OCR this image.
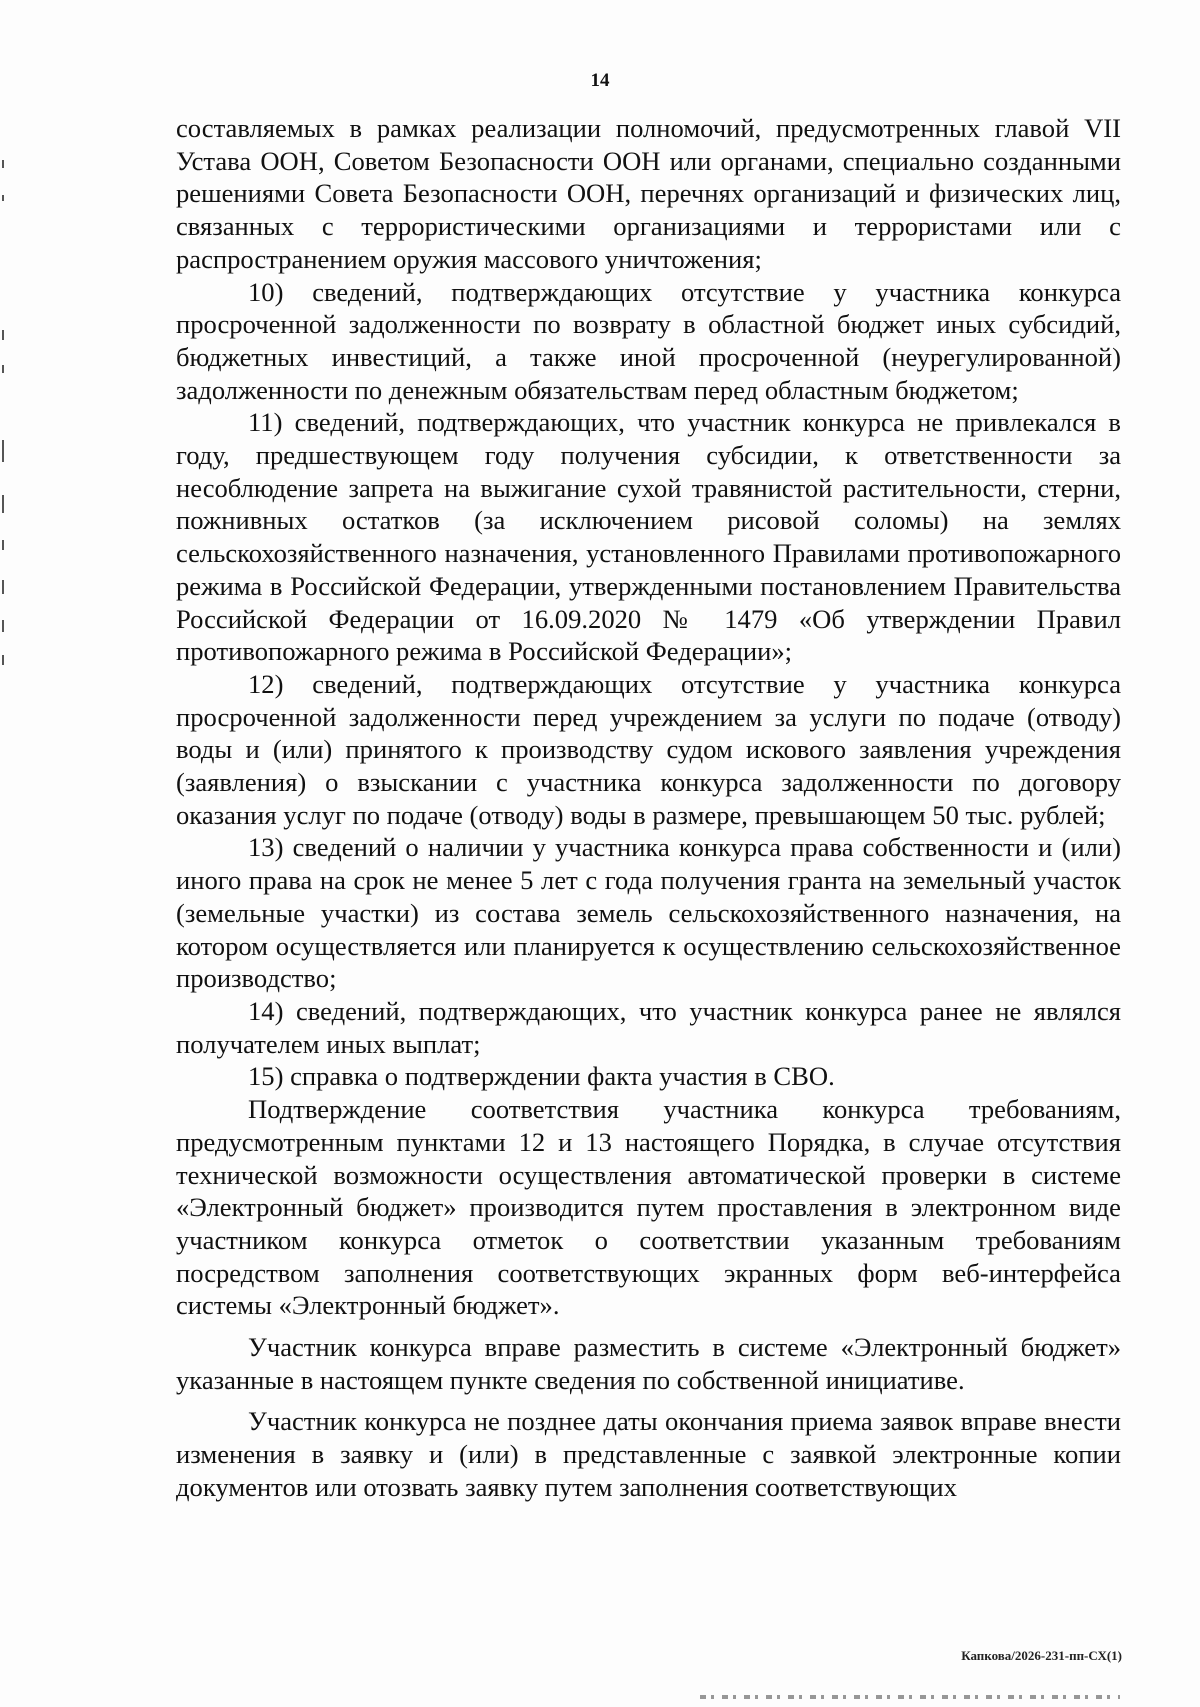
14

составляемых в рамках реализации полномочий, предусмотренных главой VII Устава ООН, Советом Безопасности ООН или органами, специально созданными решениями Совета Безопасности ООН, перечнях организаций и физических лиц, связанных с террористическими организациями и террористами или с распространением оружия массового уничтожения;

10) сведений, подтверждающих отсутствие у участника конкурса просроченной задолженности по возврату в областной бюджет иных субсидий, бюджетных инвестиций, а также иной просроченной (неурегулированной) задолженности по денежным обязательствам перед областным бюджетом;

11) сведений, подтверждающих, что участник конкурса не привлекался в году, предшествующем году получения субсидии, к ответственности за несоблюдение запрета на выжигание сухой травянистой растительности, стерни, пожнивных остатков (за исключением рисовой соломы) на землях сельскохозяйственного назначения, установленного Правилами противопожарного режима в Российской Федерации, утвержденными постановлением Правительства Российской Федерации от 16.09.2020 № 1479 «Об утверждении Правил противопожарного режима в Российской Федерации»;

12) сведений, подтверждающих отсутствие у участника конкурса просроченной задолженности перед учреждением за услуги по подаче (отводу) воды и (или) принятого к производству судом искового заявления учреждения (заявления) о взыскании с участника конкурса задолженности по договору оказания услуг по подаче (отводу) воды в размере, превышающем 50 тыс. рублей;

13) сведений о наличии у участника конкурса права собственности и (или) иного права на срок не менее 5 лет с года получения гранта на земельный участок (земельные участки) из состава земель сельскохозяйственного назначения, на котором осуществляется или планируется к осуществлению сельскохозяйственное производство;

14) сведений, подтверждающих, что участник конкурса ранее не являлся получателем иных выплат;

15) справка о подтверждении факта участия в СВО.

Подтверждение соответствия участника конкурса требованиям, предусмотренным пунктами 12 и 13 настоящего Порядка, в случае отсутствия технической возможности осуществления автоматической проверки в системе «Электронный бюджет» производится путем проставления в электронном виде участником конкурса отметок о соответствии указанным требованиям посредством заполнения соответствующих экранных форм веб-интерфейса системы «Электронный бюджет».

Участник конкурса вправе разместить в системе «Электронный бюджет» указанные в настоящем пункте сведения по собственной инициативе.

Участник конкурса не позднее даты окончания приема заявок вправе внести изменения в заявку и (или) в представленные с заявкой электронные копии документов или отозвать заявку путем заполнения соответствующих

Капкова/2026-231-пп-СХ(1)
